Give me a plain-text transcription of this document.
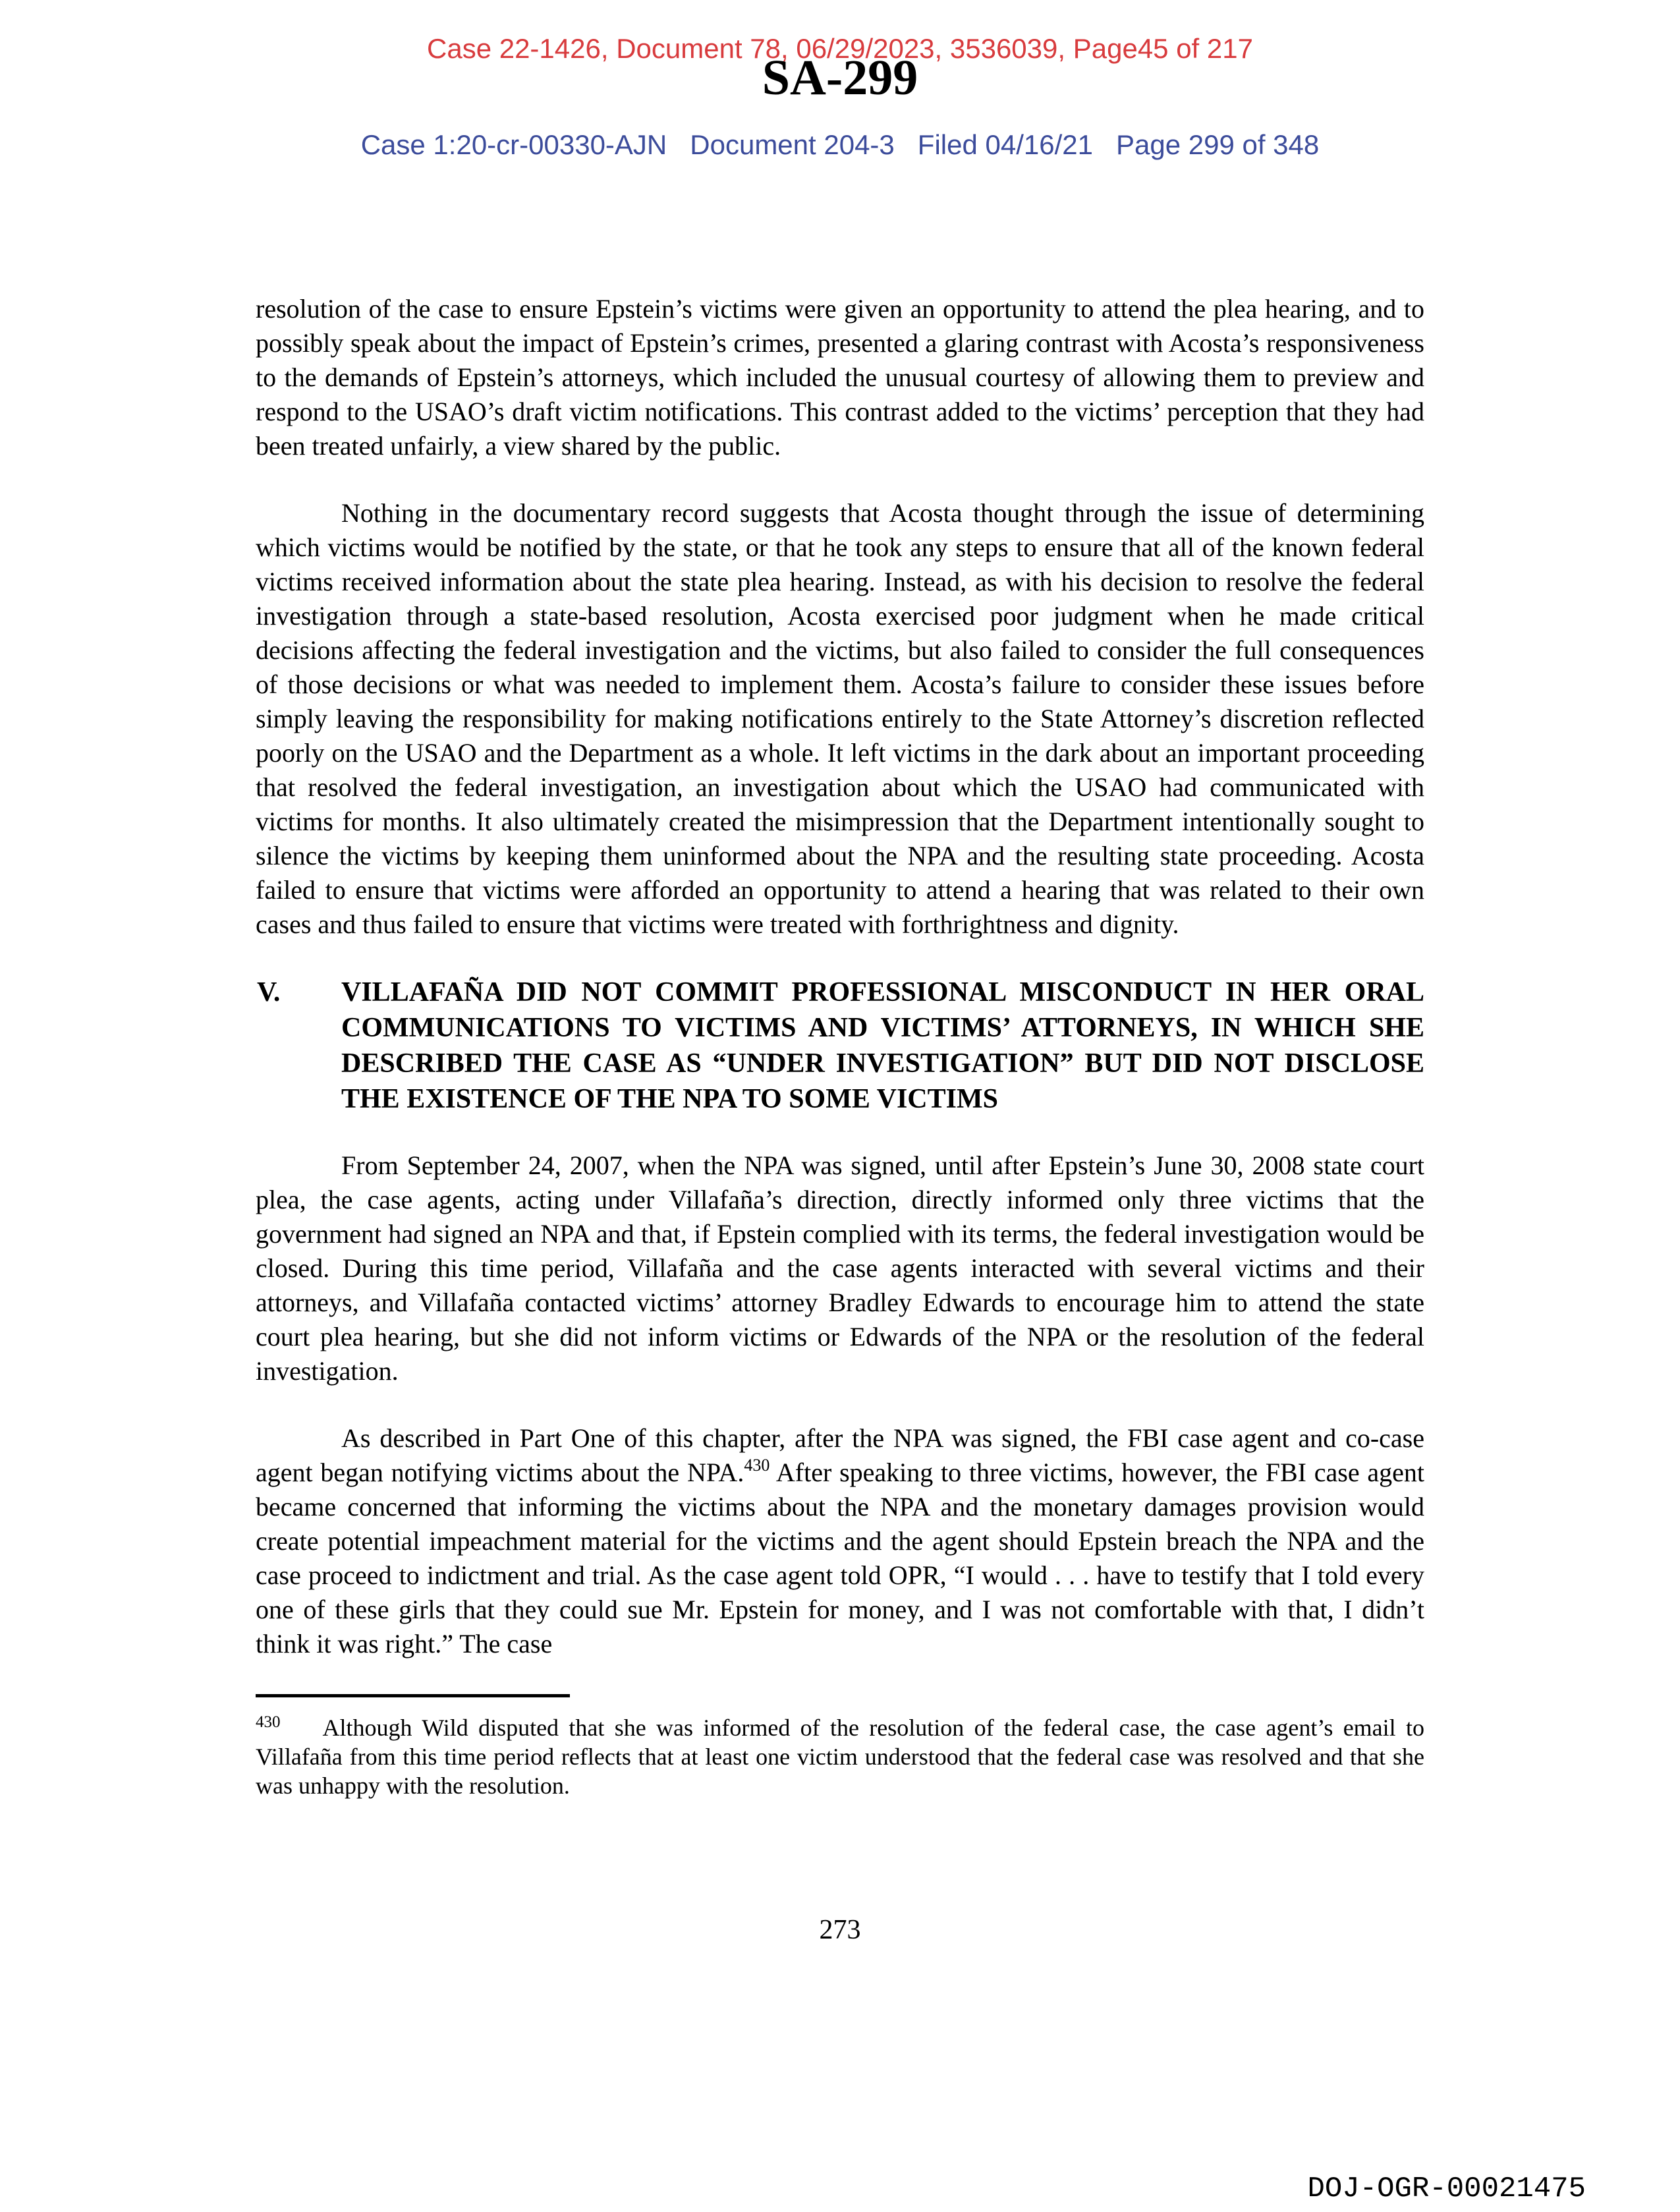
Case 22-1426, Document 78, 06/29/2023, 3536039, Page45 of 217
SA-299
Case 1:20-cr-00330-AJN   Document 204-3   Filed 04/16/21   Page 299 of 348

resolution of the case to ensure Epstein’s victims were given an opportunity to attend the plea hearing, and to possibly speak about the impact of Epstein’s crimes, presented a glaring contrast with Acosta’s responsiveness to the demands of Epstein’s attorneys, which included the unusual courtesy of allowing them to preview and respond to the USAO’s draft victim notifications. This contrast added to the victims’ perception that they had been treated unfairly, a view shared by the public.

Nothing in the documentary record suggests that Acosta thought through the issue of determining which victims would be notified by the state, or that he took any steps to ensure that all of the known federal victims received information about the state plea hearing. Instead, as with his decision to resolve the federal investigation through a state-based resolution, Acosta exercised poor judgment when he made critical decisions affecting the federal investigation and the victims, but also failed to consider the full consequences of those decisions or what was needed to implement them. Acosta’s failure to consider these issues before simply leaving the responsibility for making notifications entirely to the State Attorney’s discretion reflected poorly on the USAO and the Department as a whole. It left victims in the dark about an important proceeding that resolved the federal investigation, an investigation about which the USAO had communicated with victims for months. It also ultimately created the misimpression that the Department intentionally sought to silence the victims by keeping them uninformed about the NPA and the resulting state proceeding. Acosta failed to ensure that victims were afforded an opportunity to attend a hearing that was related to their own cases and thus failed to ensure that victims were treated with forthrightness and dignity.

V. VILLAFAÑA DID NOT COMMIT PROFESSIONAL MISCONDUCT IN HER ORAL COMMUNICATIONS TO VICTIMS AND VICTIMS’ ATTORNEYS, IN WHICH SHE DESCRIBED THE CASE AS “UNDER INVESTIGATION” BUT DID NOT DISCLOSE THE EXISTENCE OF THE NPA TO SOME VICTIMS

From September 24, 2007, when the NPA was signed, until after Epstein’s June 30, 2008 state court plea, the case agents, acting under Villafaña’s direction, directly informed only three victims that the government had signed an NPA and that, if Epstein complied with its terms, the federal investigation would be closed. During this time period, Villafaña and the case agents interacted with several victims and their attorneys, and Villafaña contacted victims’ attorney Bradley Edwards to encourage him to attend the state court plea hearing, but she did not inform victims or Edwards of the NPA or the resolution of the federal investigation.

As described in Part One of this chapter, after the NPA was signed, the FBI case agent and co-case agent began notifying victims about the NPA.$^{430}$ After speaking to three victims, however, the FBI case agent became concerned that informing the victims about the NPA and the monetary damages provision would create potential impeachment material for the victims and the agent should Epstein breach the NPA and the case proceed to indictment and trial. As the case agent told OPR, “I would . . . have to testify that I told every one of these girls that they could sue Mr. Epstein for money, and I was not comfortable with that, I didn’t think it was right.” The case

$^{430}$ Although Wild disputed that she was informed of the resolution of the federal case, the case agent’s email to Villafaña from this time period reflects that at least one victim understood that the federal case was resolved and that she was unhappy with the resolution.
273
DOJ-OGR-00021475
